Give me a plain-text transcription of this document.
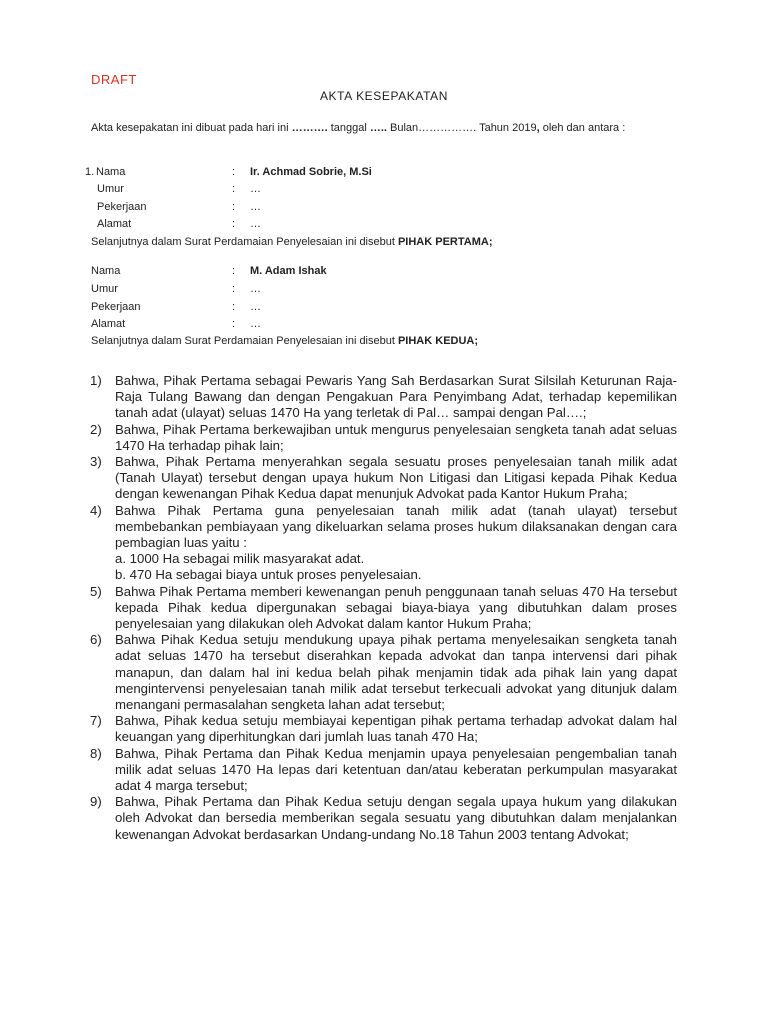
DRAFT
AKTA KESEPAKATAN
Akta kesepakatan ini dibuat pada hari ini ………. tanggal ….. Bulan……………. Tahun 2019, oleh dan antara :
1. Nama	: Ir. Achmad Sobrie, M.Si
Umur	: …
Pekerjaan	: …
Alamat	: …
Selanjutnya dalam Surat Perdamaian Penyelesaian ini disebut PIHAK PERTAMA;
Nama	: M. Adam Ishak
Umur	: …
Pekerjaan	: …
Alamat	: …
Selanjutnya dalam Surat Perdamaian Penyelesaian ini disebut PIHAK KEDUA;
1) Bahwa, Pihak Pertama sebagai Pewaris Yang Sah Berdasarkan Surat Silsilah Keturunan Raja-Raja Tulang Bawang dan dengan Pengakuan Para Penyimbang Adat, terhadap kepemilikan tanah adat (ulayat) seluas 1470 Ha yang terletak di Pal… sampai dengan Pal….;
2) Bahwa, Pihak Pertama berkewajiban untuk mengurus penyelesaian sengketa tanah adat seluas 1470 Ha terhadap pihak lain;
3) Bahwa, Pihak Pertama menyerahkan segala sesuatu proses penyelesaian tanah milik adat (Tanah Ulayat) tersebut dengan upaya hukum Non Litigasi dan Litigasi kepada Pihak Kedua dengan kewenangan Pihak Kedua dapat menunjuk Advokat pada Kantor Hukum Praha;
4) Bahwa Pihak Pertama guna penyelesaian tanah milik adat (tanah ulayat) tersebut membebankan pembiayaan yang dikeluarkan selama proses hukum dilaksanakan dengan cara pembagian luas yaitu :
a. 1000 Ha sebagai milik masyarakat adat.
b. 470 Ha sebagai biaya untuk proses penyelesaian.
5) Bahwa Pihak Pertama memberi kewenangan penuh penggunaan tanah seluas 470 Ha tersebut kepada Pihak kedua dipergunakan sebagai biaya-biaya yang dibutuhkan dalam proses penyelesaian yang dilakukan oleh Advokat dalam kantor Hukum Praha;
6) Bahwa Pihak Kedua setuju mendukung upaya pihak pertama menyelesaikan sengketa tanah adat seluas 1470 ha tersebut diserahkan kepada advokat dan tanpa intervensi dari pihak manapun, dan dalam hal ini kedua belah pihak menjamin tidak ada pihak lain yang dapat mengintervensi penyelesaian tanah milik adat tersebut terkecuali advokat yang ditunjuk dalam menangani permasalahan sengketa lahan adat tersebut;
7) Bahwa, Pihak kedua setuju membiayai kepentigan pihak pertama terhadap advokat dalam hal keuangan yang diperhitungkan dari jumlah luas tanah 470 Ha;
8) Bahwa, Pihak Pertama dan Pihak Kedua menjamin upaya penyelesaian pengembalian tanah milik adat seluas 1470 Ha lepas dari ketentuan dan/atau keberatan perkumpulan masyarakat adat 4 marga tersebut;
9) Bahwa, Pihak Pertama dan Pihak Kedua setuju dengan segala upaya hukum yang dilakukan oleh Advokat dan bersedia memberikan segala sesuatu yang dibutuhkan dalam menjalankan kewenangan Advokat berdasarkan Undang-undang No.18 Tahun 2003 tentang Advokat;
